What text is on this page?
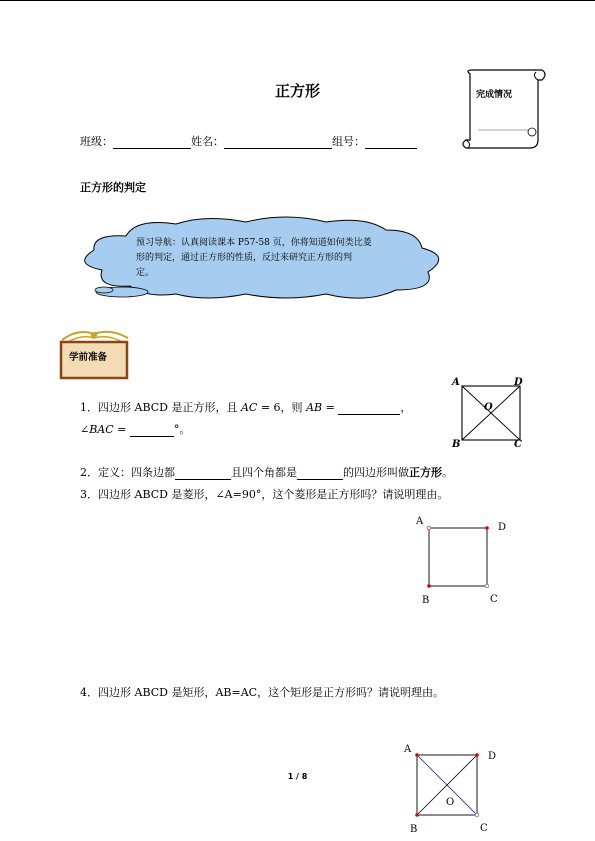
正方形	完成情况
班级：	姓名：	组号：
正方形的判定
预习导航：认真阅读课本 P57-58 页，你将知道如何类比菱
形的判定，通过正方形的性质，反过来研究正方形的判
定。
学前准备
A	D
B	C
O
1．四边形 ABCD 是正方形，且 AC = 6，则 AB =	，
∠BAC =	°。
2．定义：四条边都	且四个角都是	的四边形叫做正方形。
3．四边形 ABCD 是菱形，∠A=90°，这个菱形是正方形吗？请说明理由。
A
D
B	C
4．四边形 ABCD 是矩形，AB=AC，这个矩形是正方形吗？请说明理由。
1 / 8
A
D
B	C
O
